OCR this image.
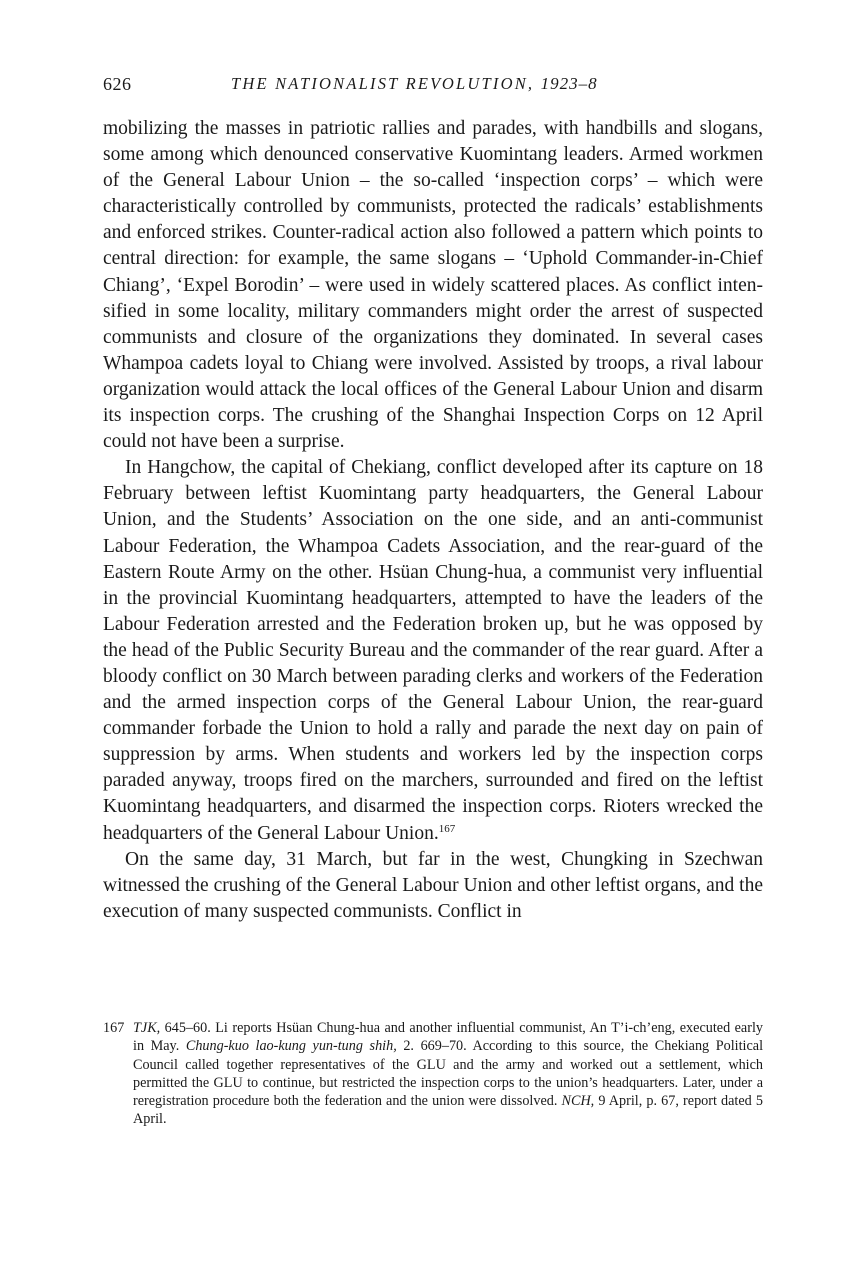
626	THE NATIONALIST REVOLUTION, 1923–8

mobilizing the masses in patriotic rallies and parades, with handbills and slogans, some among which denounced conservative Kuomintang leaders. Armed workmen of the General Labour Union – the so-called ‘inspection corps’ – which were characteristically controlled by communists, protected the radicals’ establishments and enforced strikes. Counter-radical action also followed a pattern which points to central direction: for example, the same slogans – ‘Uphold Commander-in-Chief Chiang’, ‘Expel Borodin’ – were used in widely scattered places. As conflict intensified in some locality, military commanders might order the arrest of suspected communists and closure of the organizations they dominated. In several cases Whampoa cadets loyal to Chiang were involved. Assisted by troops, a rival labour organization would attack the local offices of the General Labour Union and disarm its inspection corps. The crushing of the Shanghai Inspection Corps on 12 April could not have been a surprise.

In Hangchow, the capital of Chekiang, conflict developed after its capture on 18 February between leftist Kuomintang party headquarters, the General Labour Union, and the Students’ Association on the one side, and an anti-communist Labour Federation, the Whampoa Cadets Association, and the rear-guard of the Eastern Route Army on the other. Hsüan Chung-hua, a communist very influential in the provincial Kuomintang headquarters, attempted to have the leaders of the Labour Federation arrested and the Federation broken up, but he was opposed by the head of the Public Security Bureau and the commander of the rear guard. After a bloody conflict on 30 March between parading clerks and workers of the Federation and the armed inspection corps of the General Labour Union, the rear-guard commander forbade the Union to hold a rally and parade the next day on pain of suppression by arms. When students and workers led by the inspection corps paraded anyway, troops fired on the marchers, surrounded and fired on the leftist Kuomintang headquarters, and disarmed the inspection corps. Rioters wrecked the headquarters of the General Labour Union.$^{167}$

On the same day, 31 March, but far in the west, Chungking in Szechwan witnessed the crushing of the General Labour Union and other leftist organs, and the execution of many suspected communists. Conflict in

167 TJK, 645–60. Li reports Hsüan Chung-hua and another influential communist, An T’i-ch’eng, executed early in May. Chung-kuo lao-kung yun-tung shih, 2. 669–70. According to this source, the Chekiang Political Council called together representatives of the GLU and the army and worked out a settlement, which permitted the GLU to continue, but restricted the inspection corps to the union’s headquarters. Later, under a reregistration procedure both the federation and the union were dissolved. NCH, 9 April, p. 67, report dated 5 April.
